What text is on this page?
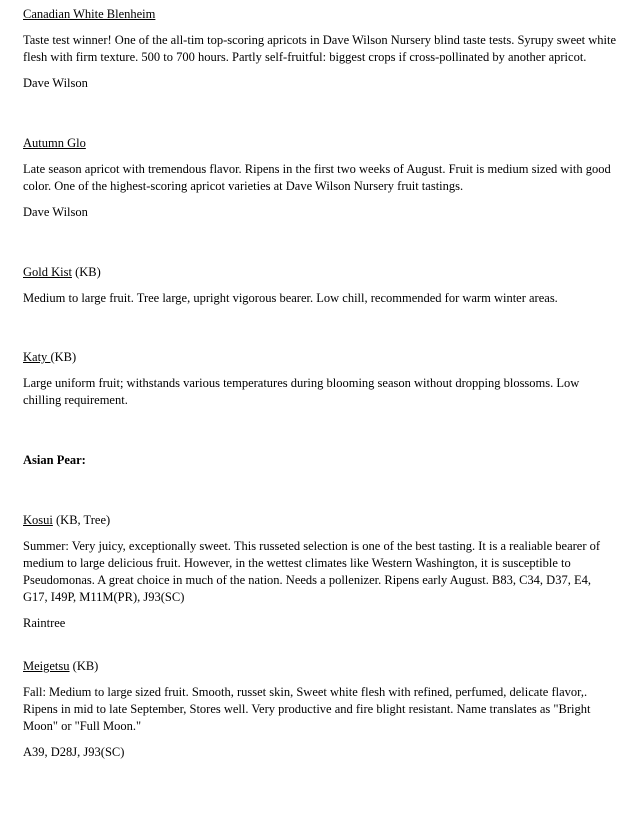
Canadian White Blenheim

Taste test winner! One of the all-tim top-scoring apricots in Dave Wilson Nursery blind taste tests. Syrupy sweet white flesh with firm texture. 500 to 700 hours. Partly self-fruitful: biggest crops if cross-pollinated by another apricot.

Dave Wilson

Autumn Glo

Late season apricot with tremendous flavor. Ripens in the first two weeks of August. Fruit is medium sized with good color. One of the highest-scoring apricot varieties at Dave Wilson Nursery fruit tastings.

Dave Wilson

Gold Kist (KB)

Medium to large fruit. Tree large, upright vigorous bearer. Low chill, recommended for warm winter areas.

Katy (KB)

Large uniform fruit; withstands various temperatures during blooming season without dropping blossoms. Low chilling requirement.

Asian Pear:

Kosui (KB, Tree)

Summer: Very juicy, exceptionally sweet. This russeted selection is one of the best tasting. It is a realiable bearer of medium to large delicious fruit. However, in the wettest climates like Western Washington, it is susceptible to Pseudomonas. A great choice in much of the nation. Needs a pollenizer. Ripens early August. B83, C34, D37, E4, G17, I49P, M11M(PR), J93(SC)

Raintree

Meigetsu (KB)

Fall: Medium to large sized fruit. Smooth, russet skin, Sweet white flesh with refined, perfumed, delicate flavor,. Ripens in mid to late September, Stores well. Very productive and fire blight resistant. Name translates as "Bright Moon" or "Full Moon."

A39, D28J, J93(SC)
